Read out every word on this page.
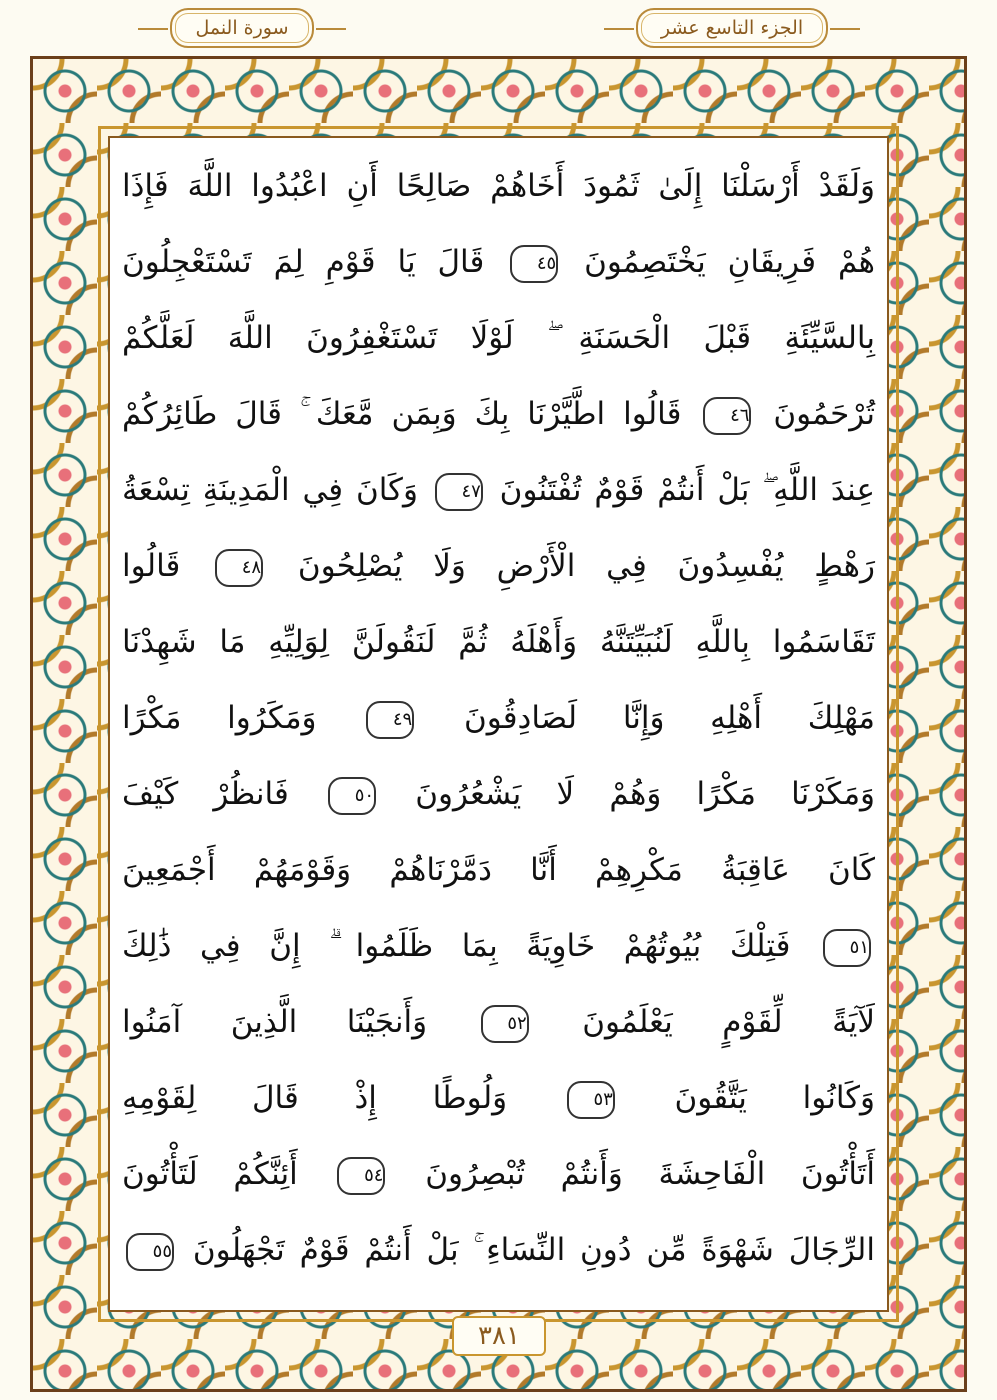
سورة النمل	الجزء التاسع عشر
وَلَقَدْ أَرْسَلْنَا إِلَىٰ ثَمُودَ أَخَاهُمْ صَالِحًا أَنِ اعْبُدُوا اللَّهَ فَإِذَا
هُمْ فَرِيقَانِ يَخْتَصِمُونَ ٤٥ قَالَ يَا قَوْمِ لِمَ تَسْتَعْجِلُونَ
بِالسَّيِّئَةِ قَبْلَ الْحَسَنَةِ ۖ لَوْلَا تَسْتَغْفِرُونَ اللَّهَ لَعَلَّكُمْ
تُرْحَمُونَ ٤٦ قَالُوا اطَّيَّرْنَا بِكَ وَبِمَن مَّعَكَ ۚ قَالَ طَائِرُكُمْ
عِندَ اللَّهِ ۖ بَلْ أَنتُمْ قَوْمٌ تُفْتَنُونَ ٤٧ وَكَانَ فِي الْمَدِينَةِ تِسْعَةُ
رَهْطٍ يُفْسِدُونَ فِي الْأَرْضِ وَلَا يُصْلِحُونَ ٤٨ قَالُوا
تَقَاسَمُوا بِاللَّهِ لَنُبَيِّتَنَّهُ وَأَهْلَهُ ثُمَّ لَنَقُولَنَّ لِوَلِيِّهِ مَا شَهِدْنَا
مَهْلِكَ أَهْلِهِ وَإِنَّا لَصَادِقُونَ ٤٩ وَمَكَرُوا مَكْرًا
وَمَكَرْنَا مَكْرًا وَهُمْ لَا يَشْعُرُونَ ٥٠ فَانظُرْ كَيْفَ
كَانَ عَاقِبَةُ مَكْرِهِمْ أَنَّا دَمَّرْنَاهُمْ وَقَوْمَهُمْ أَجْمَعِينَ
٥١ فَتِلْكَ بُيُوتُهُمْ خَاوِيَةً بِمَا ظَلَمُوا ۗ إِنَّ فِي ذَٰلِكَ
لَآيَةً لِّقَوْمٍ يَعْلَمُونَ ٥٢ وَأَنجَيْنَا الَّذِينَ آمَنُوا
وَكَانُوا يَتَّقُونَ ٥٣ وَلُوطًا إِذْ قَالَ لِقَوْمِهِ
أَتَأْتُونَ الْفَاحِشَةَ وَأَنتُمْ تُبْصِرُونَ ٥٤ أَئِنَّكُمْ لَتَأْتُونَ
الرِّجَالَ شَهْوَةً مِّن دُونِ النِّسَاءِ ۚ بَلْ أَنتُمْ قَوْمٌ تَجْهَلُونَ ٥٥
٣٨١
